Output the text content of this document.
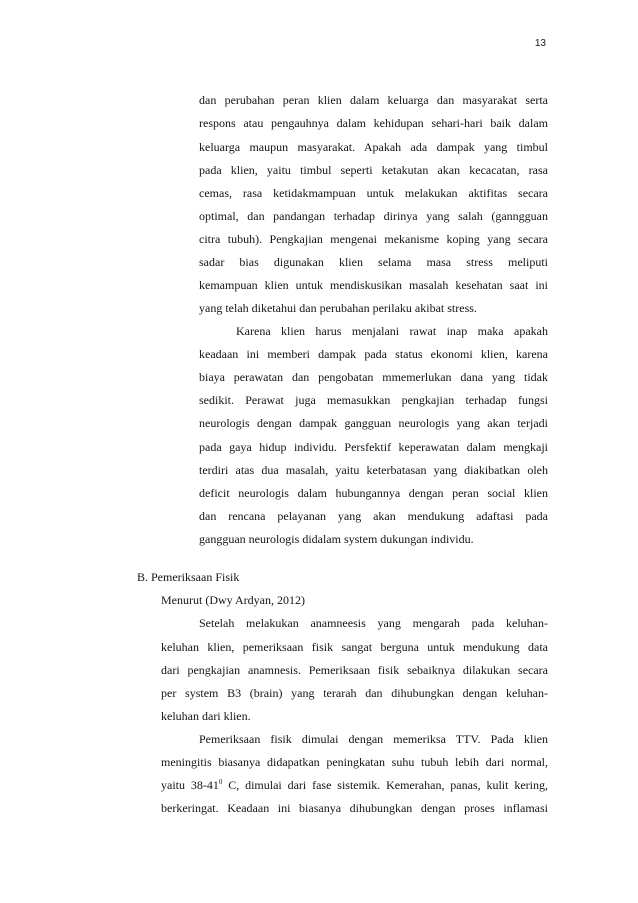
13
dan perubahan peran klien dalam keluarga dan masyarakat serta
respons atau pengauhnya dalam kehidupan sehari-hari baik dalam
keluarga maupun masyarakat. Apakah ada dampak yang timbul
pada klien, yaitu timbul seperti ketakutan akan kecacatan, rasa
cemas, rasa ketidakmampuan untuk melakukan aktifitas secara
optimal, dan pandangan terhadap dirinya yang salah (ganngguan
citra tubuh). Pengkajian mengenai mekanisme koping yang secara
sadar bias digunakan klien selama masa stress meliputi
kemampuan klien untuk mendiskusikan masalah kesehatan saat ini
yang telah diketahui dan perubahan perilaku akibat stress.
Karena klien harus menjalani rawat inap maka apakah
keadaan ini memberi dampak pada status ekonomi klien, karena
biaya perawatan dan pengobatan mmemerlukan dana yang tidak
sedikit. Perawat juga memasukkan pengkajian terhadap fungsi
neurologis dengan dampak gangguan neurologis yang akan terjadi
pada gaya hidup individu. Persfektif keperawatan dalam mengkaji
terdiri atas dua masalah, yaitu keterbatasan yang diakibatkan oleh
deficit neurologis dalam hubungannya dengan peran social klien
dan rencana pelayanan yang akan mendukung adaftasi pada
gangguan neurologis didalam system dukungan individu.
B. Pemeriksaan Fisik
Menurut (Dwy Ardyan, 2012)
Setelah melakukan anamneesis yang mengarah pada keluhan-
keluhan klien, pemeriksaan fisik sangat berguna untuk mendukung data
dari pengkajian anamnesis. Pemeriksaan fisik sebaiknya dilakukan secara
per system B3 (brain) yang terarah dan dihubungkan dengan keluhan-
keluhan dari klien.
Pemeriksaan fisik dimulai dengan memeriksa TTV. Pada klien
meningitis biasanya didapatkan peningkatan suhu tubuh lebih dari normal,
yaitu $38-41^0$ C, dimulai dari fase sistemik. Kemerahan, panas, kulit kering,
berkeringat. Keadaan ini biasanya dihubungkan dengan proses inflamasi
